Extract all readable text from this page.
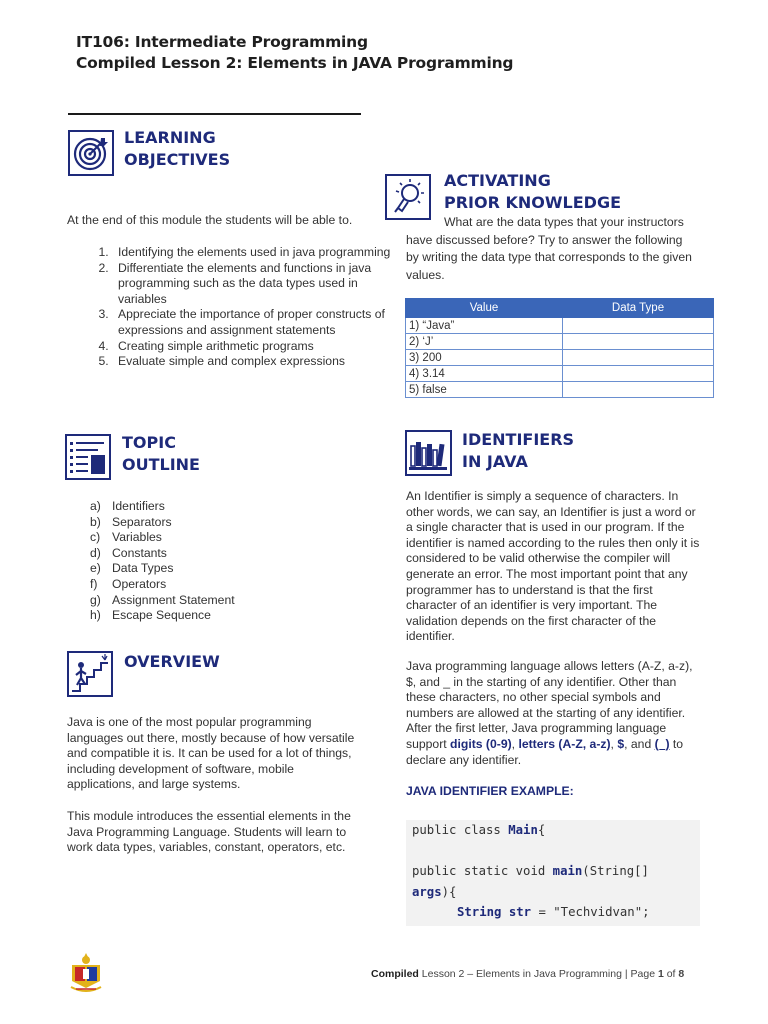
IT106: Intermediate Programming
Compiled Lesson 2: Elements in JAVA Programming
LEARNING
OBJECTIVES
At the end of this module the students will be able to.
1. Identifying the elements used in java programming
2. Differentiate the elements and functions in java programming such as the data types used in variables
3. Appreciate the importance of proper constructs of expressions and assignment statements
4. Creating simple arithmetic programs
5. Evaluate simple and complex expressions
TOPIC
OUTLINE
a) Identifiers
b) Separators
c) Variables
d) Constants
e) Data Types
f)	Operators
g) Assignment Statement
h) Escape Sequence
OVERVIEW
Java is one of the most popular programming languages out there, mostly because of how versatile and compatible it is. It can be used for a lot of things, including development of software, mobile applications, and large systems.
This module introduces the essential elements in the Java Programming Language. Students will learn to work data types, variables, constant, operators, etc.
ACTIVATING
PRIOR KNOWLEDGE
What are the data types that your instructors have discussed before? Try to answer the following by writing the data type that corresponds to the given values.
Value	Data Type
1) “Java”	
2) ‘J’	
3) 200	
4) 3.14	
5) false	
IDENTIFIERS
IN JAVA
An Identifier is simply a sequence of characters. In other words, we can say, an Identifier is just a word or a single character that is used in our program. If the identifier is named according to the rules then only it is considered to be valid otherwise the compiler will generate an error. The most important point that any programmer has to understand is that the first character of an identifier is very important. The validation depends on the first character of the identifier.
Java programming language allows letters (A-Z, a-z), $, and _ in the starting of any identifier. Other than these characters, no other special symbols and numbers are allowed at the starting of any identifier. After the first letter, Java programming language support digits (0-9), letters (A-Z, a-z), $, and (_) to declare any identifier.
JAVA IDENTIFIER EXAMPLE:
public class Main{
public static void main(String[]
args){
String str = "Techvidvan";
Compiled Lesson 2 – Elements in Java Programming | Page 1 of 8
